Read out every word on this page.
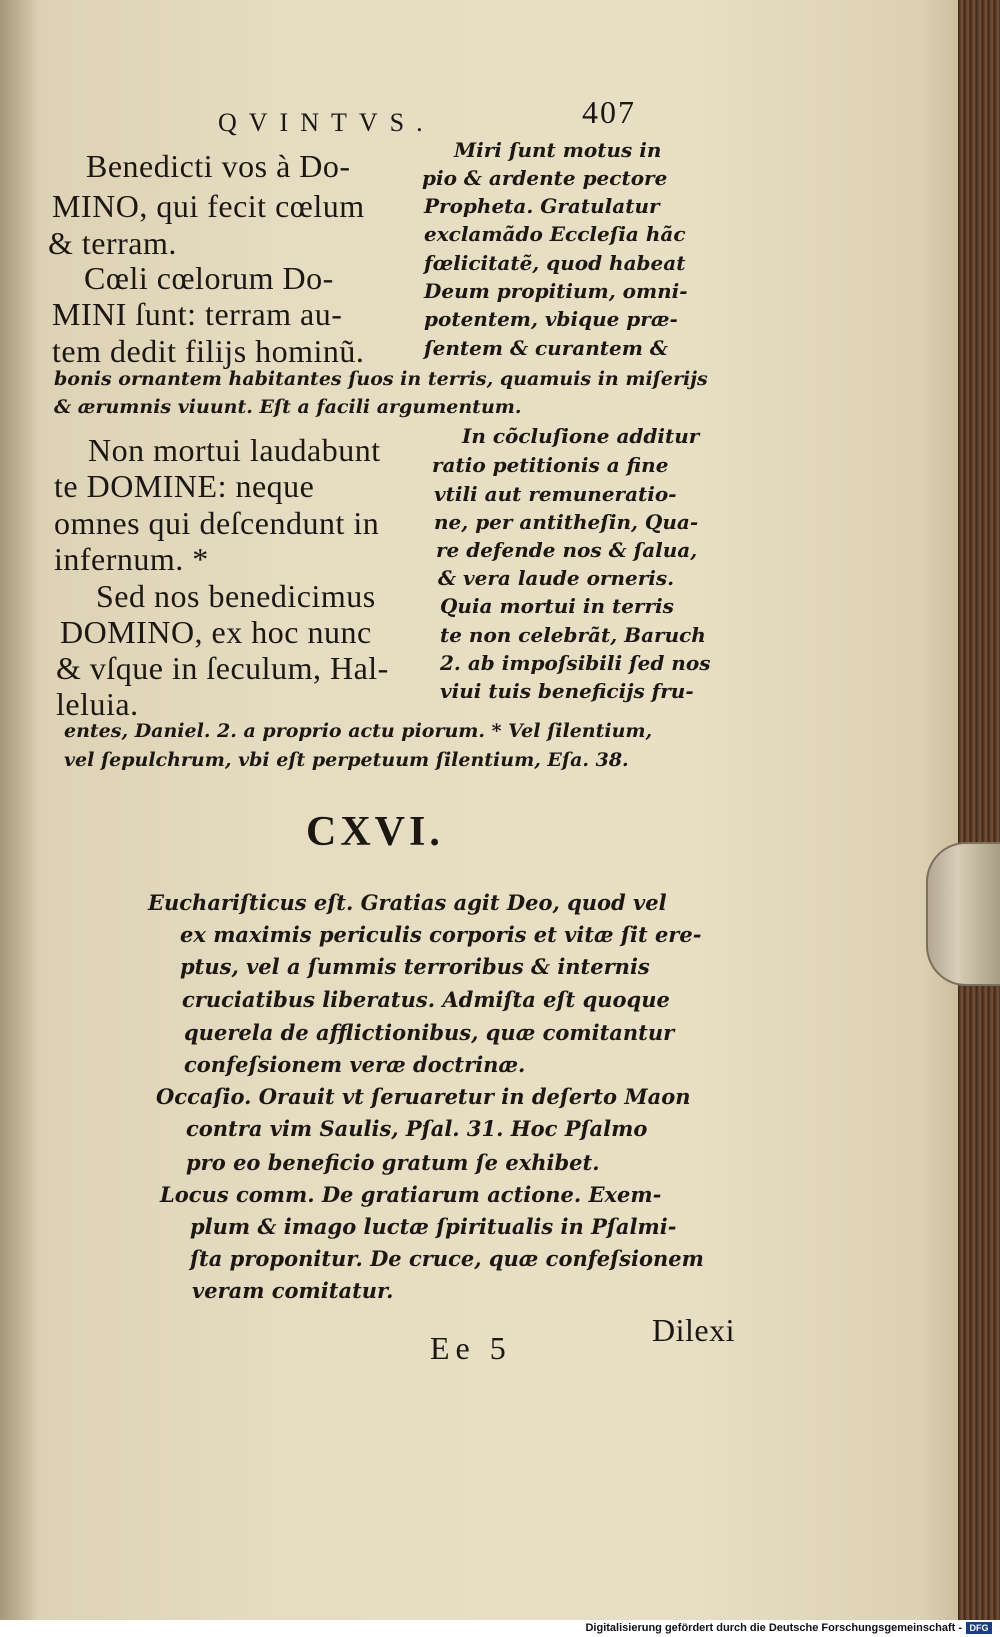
QVINTVS.	407
Benedicti vos à Do-
MINO, qui fecit cœlum
& terram.
Cœli cœlorum Do-
MINI ſunt: terram au-
tem dedit filijs hominũ.
Non mortui laudabunt
te DOMINE: neque
omnes qui deſcendunt in
infernum. *
Sed nos benedicimus
DOMINO, ex hoc nunc
& vſque in ſeculum, Hal-
leluia.
Miri ſunt motus in
pio & ardente pectore
Propheta. Gratulatur
exclamãdo Eccleſia hãc
fœlicitatẽ, quod habeat
Deum propitium, omni-
potentem, vbique præ-
ſentem & curantem &
bonis ornantem habitantes ſuos in terris, quamuis in miſerijs
& ærumnis viuunt. Eſt a facili argumentum.
In cõcluſione additur
ratio petitionis a fine
vtili aut remuneratio-
ne, per antitheſin, Qua-
re defende nos & ſalua,
& vera laude orneris.
Quia mortui in terris
te non celebrãt, Baruch
2. ab impoſsibili ſed nos
viui tuis beneficijs fru-
entes, Daniel. 2. a proprio actu piorum. * Vel ſilentium,
vel ſepulchrum, vbi eſt perpetuum ſilentium, Eſa. 38.
CXVI.
Euchariſticus eſt. Gratias agit Deo, quod vel
ex maximis periculis corporis et vitæ ſit ere-
ptus, vel a ſummis terroribus & internis
cruciatibus liberatus. Admiſta eſt quoque
querela de afflictionibus, quæ comitantur
confeſsionem veræ doctrinæ.
Occaſio. Orauit vt ſeruaretur in deſerto Maon
contra vim Saulis, Pſal. 31. Hoc Pſalmo
pro eo beneficio gratum ſe exhibet.
Locus comm. De gratiarum actione. Exem-
plum & imago luctæ ſpiritualis in Pſalmi-
ſta proponitur. De cruce, quæ confeſsionem
veram comitatur.
Ee 5	Dilexi
Digitalisierung gefördert durch die Deutsche Forschungsgemeinschaft - DFG
